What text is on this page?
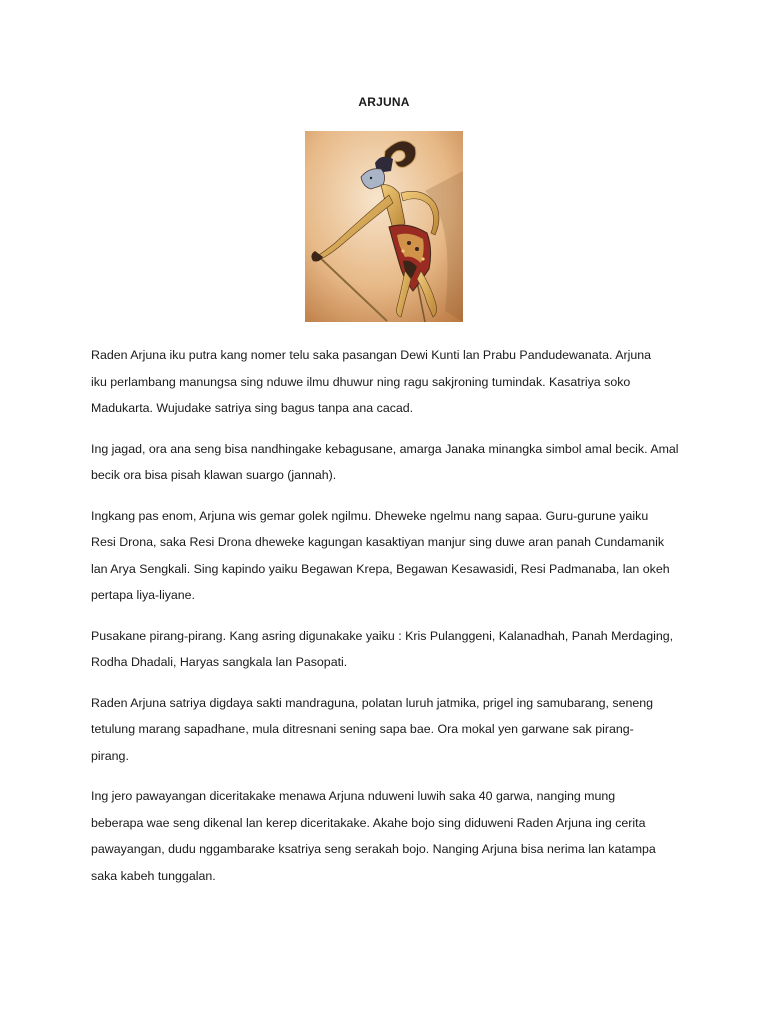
ARJUNA

Raden Arjuna iku putra kang nomer telu saka pasangan Dewi Kunti lan Prabu Pandudewanata. Arjuna
iku perlambang manungsa sing nduwe ilmu dhuwur ning ragu sakjroning tumindak. Kasatriya soko
Madukarta. Wujudake satriya sing bagus tanpa ana cacad.

Ing jagad, ora ana seng bisa nandhingake kebagusane, amarga Janaka minangka simbol amal becik. Amal
becik ora bisa pisah klawan suargo (jannah).

Ingkang pas enom, Arjuna wis gemar golek ngilmu. Dheweke ngelmu nang sapaa. Guru-gurune yaiku
Resi Drona, saka Resi Drona dheweke kagungan kasaktiyan manjur sing duwe aran panah Cundamanik
lan Arya Sengkali. Sing kapindo yaiku Begawan Krepa, Begawan Kesawasidi, Resi Padmanaba, lan okeh
pertapa liya-liyane.

Pusakane pirang-pirang. Kang asring digunakake yaiku : Kris Pulanggeni, Kalanadhah, Panah Merdaging,
Rodha Dhadali, Haryas sangkala lan Pasopati.

Raden Arjuna satriya digdaya sakti mandraguna, polatan luruh jatmika, prigel ing samubarang, seneng
tetulung marang sapadhane, mula ditresnani sening sapa bae. Ora mokal yen garwane sak pirang-
pirang.

Ing jero pawayangan diceritakake menawa Arjuna nduweni luwih saka 40 garwa, nanging mung
beberapa wae seng dikenal lan kerep diceritakake. Akahe bojo sing diduweni Raden Arjuna ing cerita
pawayangan, dudu nggambarake ksatriya seng serakah bojo. Nanging Arjuna bisa nerima lan katampa
saka kabeh tunggalan.
